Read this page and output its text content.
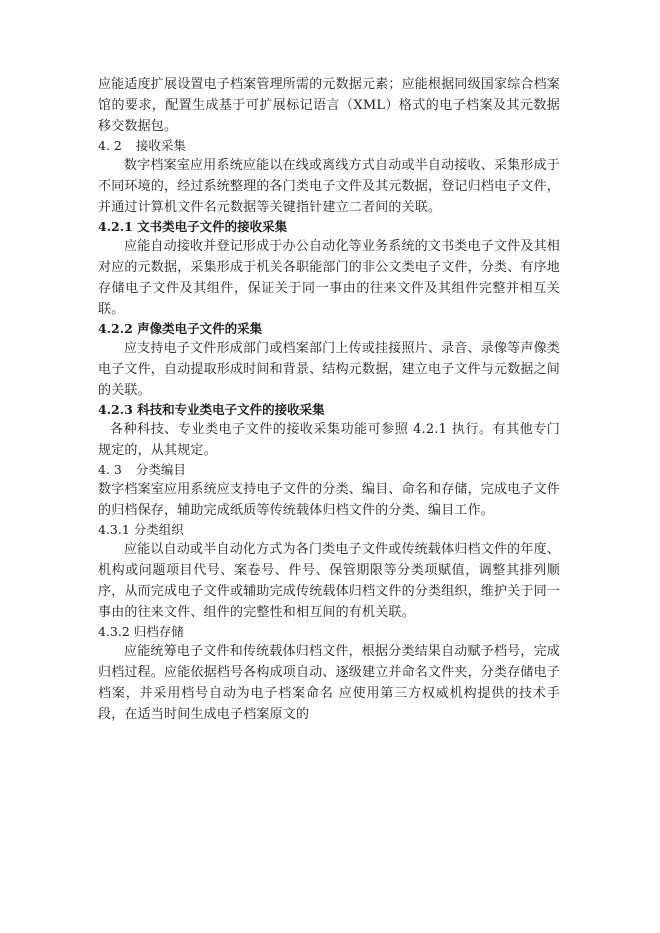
应能适度扩展设置电子档案管理所需的元数据元素；应能根据同级国家综合档案馆的要求，配置生成基于可扩展标记语言（XML）格式的电子档案及其元数据移交数据包。

4. 2 接收采集

数字档案室应用系统应能以在线或离线方式自动或半自动接收、采集形成于不同环境的，经过系统整理的各门类电子文件及其元数据，登记归档电子文件，并通过计算机文件名元数据等关键指针建立二者间的关联。

4.2.1 文书类电子文件的接收采集

应能自动接收并登记形成于办公自动化等业务系统的文书类电子文件及其相对应的元数据，采集形成于机关各职能部门的非公文类电子文件，分类、有序地存储电子文件及其组件，保证关于同一事由的往来文件及其组件完整并相互关联。

4.2.2 声像类电子文件的采集

应支持电子文件形成部门或档案部门上传或挂接照片、录音、录像等声像类电子文件，自动提取形成时间和背景、结构元数据，建立电子文件与元数据之间的关联。

4.2.3 科技和专业类电子文件的接收采集

各种科技、专业类电子文件的接收采集功能可参照 4.2.1 执行。有其他专门规定的，从其规定。

4. 3 分类编目

数字档案室应用系统应支持电子文件的分类、编目、命名和存储，完成电子文件的归档保存，辅助完成纸质等传统载体归档文件的分类、编目工作。

4.3.1 分类组织

应能以自动或半自动化方式为各门类电子文件或传统载体归档文件的年度、机构或问题项目代号、案卷号、件号、保管期限等分类项赋值，调整其排列顺序，从而完成电子文件或辅助完成传统载体归档文件的分类组织，维护关于同一事由的往来文件、组件的完整性和相互间的有机关联。

4.3.2 归档存储

应能统筹电子文件和传统载体归档文件，根据分类结果自动赋予档号，完成归档过程。应能依据档号各构成项自动、逐级建立并命名文件夹，分类存储电子档案，并采用档号自动为电子档案命名 应使用第三方权威机构提供的技术手段，在适当时间生成电子档案原文的
